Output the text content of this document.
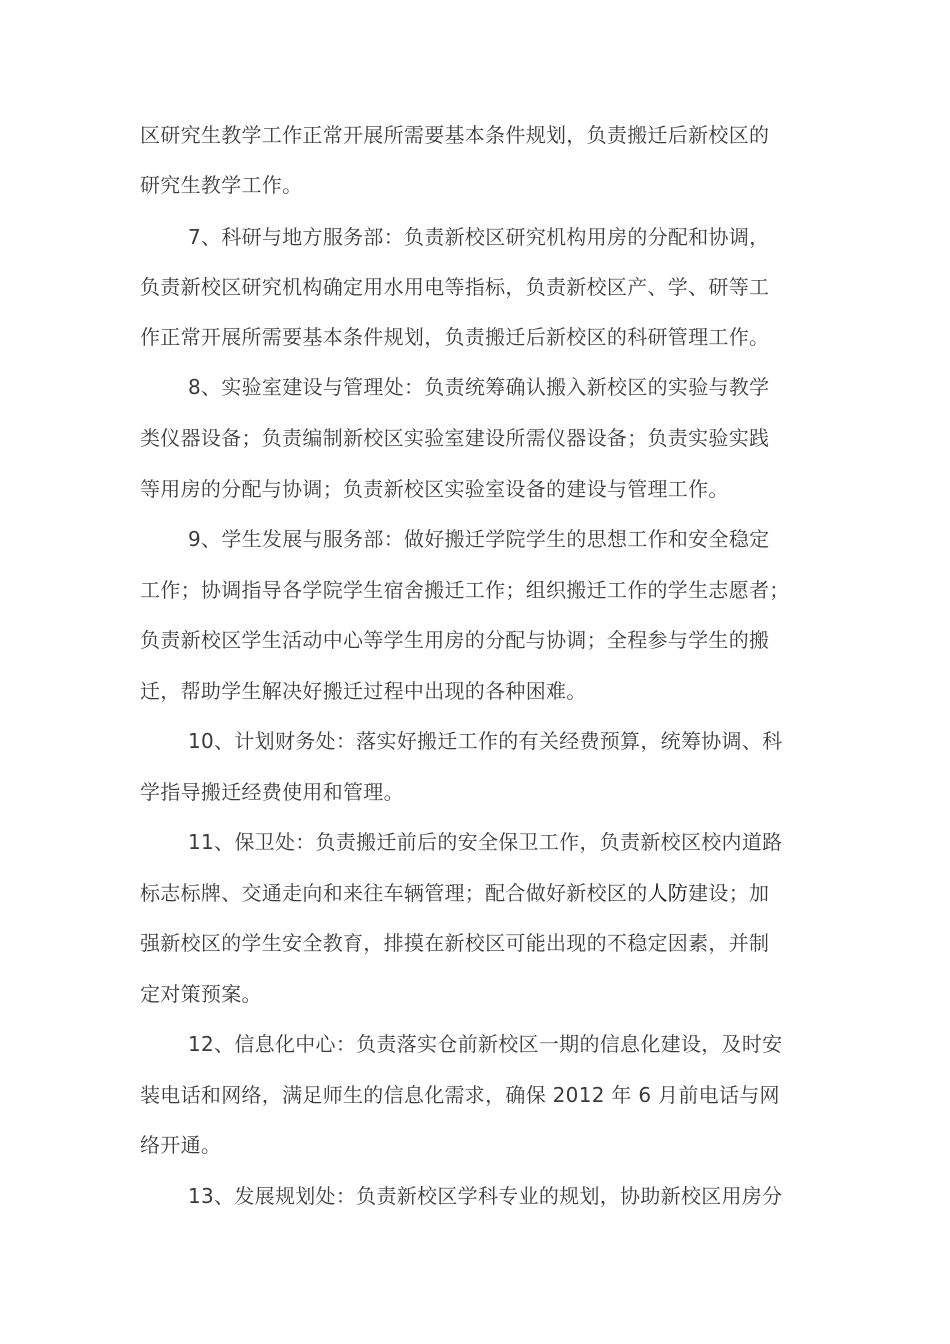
区研究生教学工作正常开展所需要基本条件规划，负责搬迁后新校区的
研究生教学工作。
7、科研与地方服务部：负责新校区研究机构用房的分配和协调，
负责新校区研究机构确定用水用电等指标，负责新校区产、学、研等工
作正常开展所需要基本条件规划，负责搬迁后新校区的科研管理工作。
8、实验室建设与管理处：负责统筹确认搬入新校区的实验与教学
类仪器设备；负责编制新校区实验室建设所需仪器设备；负责实验实践
等用房的分配与协调；负责新校区实验室设备的建设与管理工作。
9、学生发展与服务部：做好搬迁学院学生的思想工作和安全稳定
工作；协调指导各学院学生宿舍搬迁工作；组织搬迁工作的学生志愿者；
负责新校区学生活动中心等学生用房的分配与协调；全程参与学生的搬
迁，帮助学生解决好搬迁过程中出现的各种困难。
10、计划财务处：落实好搬迁工作的有关经费预算，统筹协调、科
学指导搬迁经费使用和管理。
11、保卫处：负责搬迁前后的安全保卫工作，负责新校区校内道路
标志标牌、交通走向和来往车辆管理；配合做好新校区的人防建设；加
强新校区的学生安全教育，排摸在新校区可能出现的不稳定因素，并制
定对策预案。
12、信息化中心：负责落实仓前新校区一期的信息化建设，及时安
装电话和网络，满足师生的信息化需求，确保 2012 年 6 月前电话与网
络开通。
13、发展规划处：负责新校区学科专业的规划，协助新校区用房分
